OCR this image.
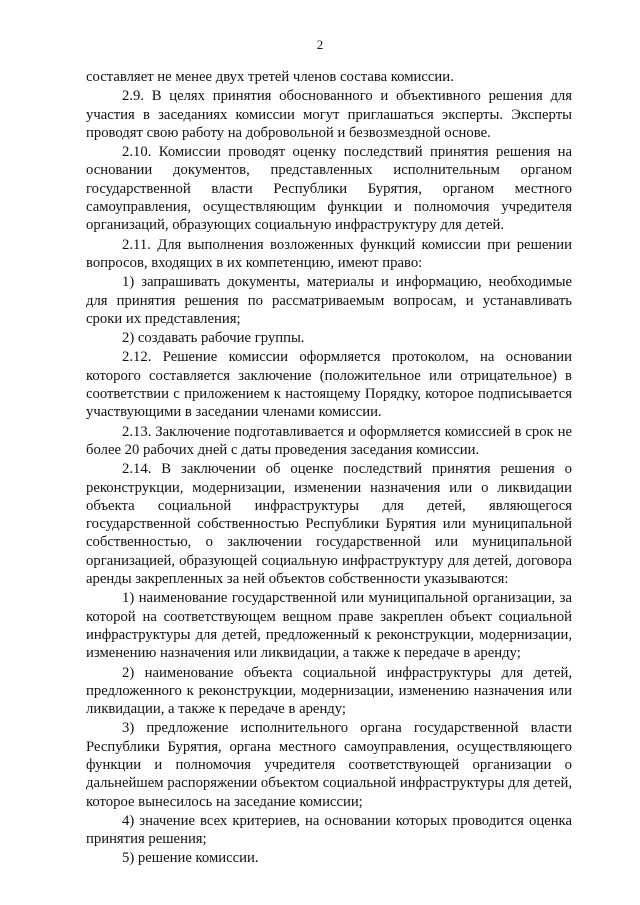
2

составляет не менее двух третей членов состава комиссии.

2.9. В целях принятия обоснованного и объективного решения для участия в заседаниях комиссии могут приглашаться эксперты. Эксперты проводят свою работу на добровольной и безвозмездной основе.

2.10. Комиссии проводят оценку последствий принятия решения на основании документов, представленных исполнительным органом государственной власти Республики Бурятия, органом местного самоуправления, осуществляющим функции и полномочия учредителя организаций, образующих социальную инфраструктуру для детей.

2.11. Для выполнения возложенных функций комиссии при решении вопросов, входящих в их компетенцию, имеют право:

1) запрашивать документы, материалы и информацию, необходимые для принятия решения по рассматриваемым вопросам, и устанавливать сроки их представления;

2) создавать рабочие группы.

2.12. Решение комиссии оформляется протоколом, на основании которого составляется заключение (положительное или отрицательное) в соответствии с приложением к настоящему Порядку, которое подписывается участвующими в заседании членами комиссии.

2.13. Заключение подготавливается и оформляется комиссией в срок не более 20 рабочих дней с даты проведения заседания комиссии.

2.14. В заключении об оценке последствий принятия решения о реконструкции, модернизации, изменении назначения или о ликвидации объекта социальной инфраструктуры для детей, являющегося государственной собственностью Республики Бурятия или муниципальной собственностью, о заключении государственной или муниципальной организацией, образующей социальную инфраструктуру для детей, договора аренды закрепленных за ней объектов собственности указываются:

1) наименование государственной или муниципальной организации, за которой на соответствующем вещном праве закреплен объект социальной инфраструктуры для детей, предложенный к реконструкции, модернизации, изменению назначения или ликвидации, а также к передаче в аренду;

2) наименование объекта социальной инфраструктуры для детей, предложенного к реконструкции, модернизации, изменению назначения или ликвидации, а также к передаче в аренду;

3) предложение исполнительного органа государственной власти Республики Бурятия, органа местного самоуправления, осуществляющего функции и полномочия учредителя соответствующей организации о дальнейшем распоряжении объектом социальной инфраструктуры для детей, которое вынесилось на заседание комиссии;

4) значение всех критериев, на основании которых проводится оценка принятия решения;

5) решение комиссии.
